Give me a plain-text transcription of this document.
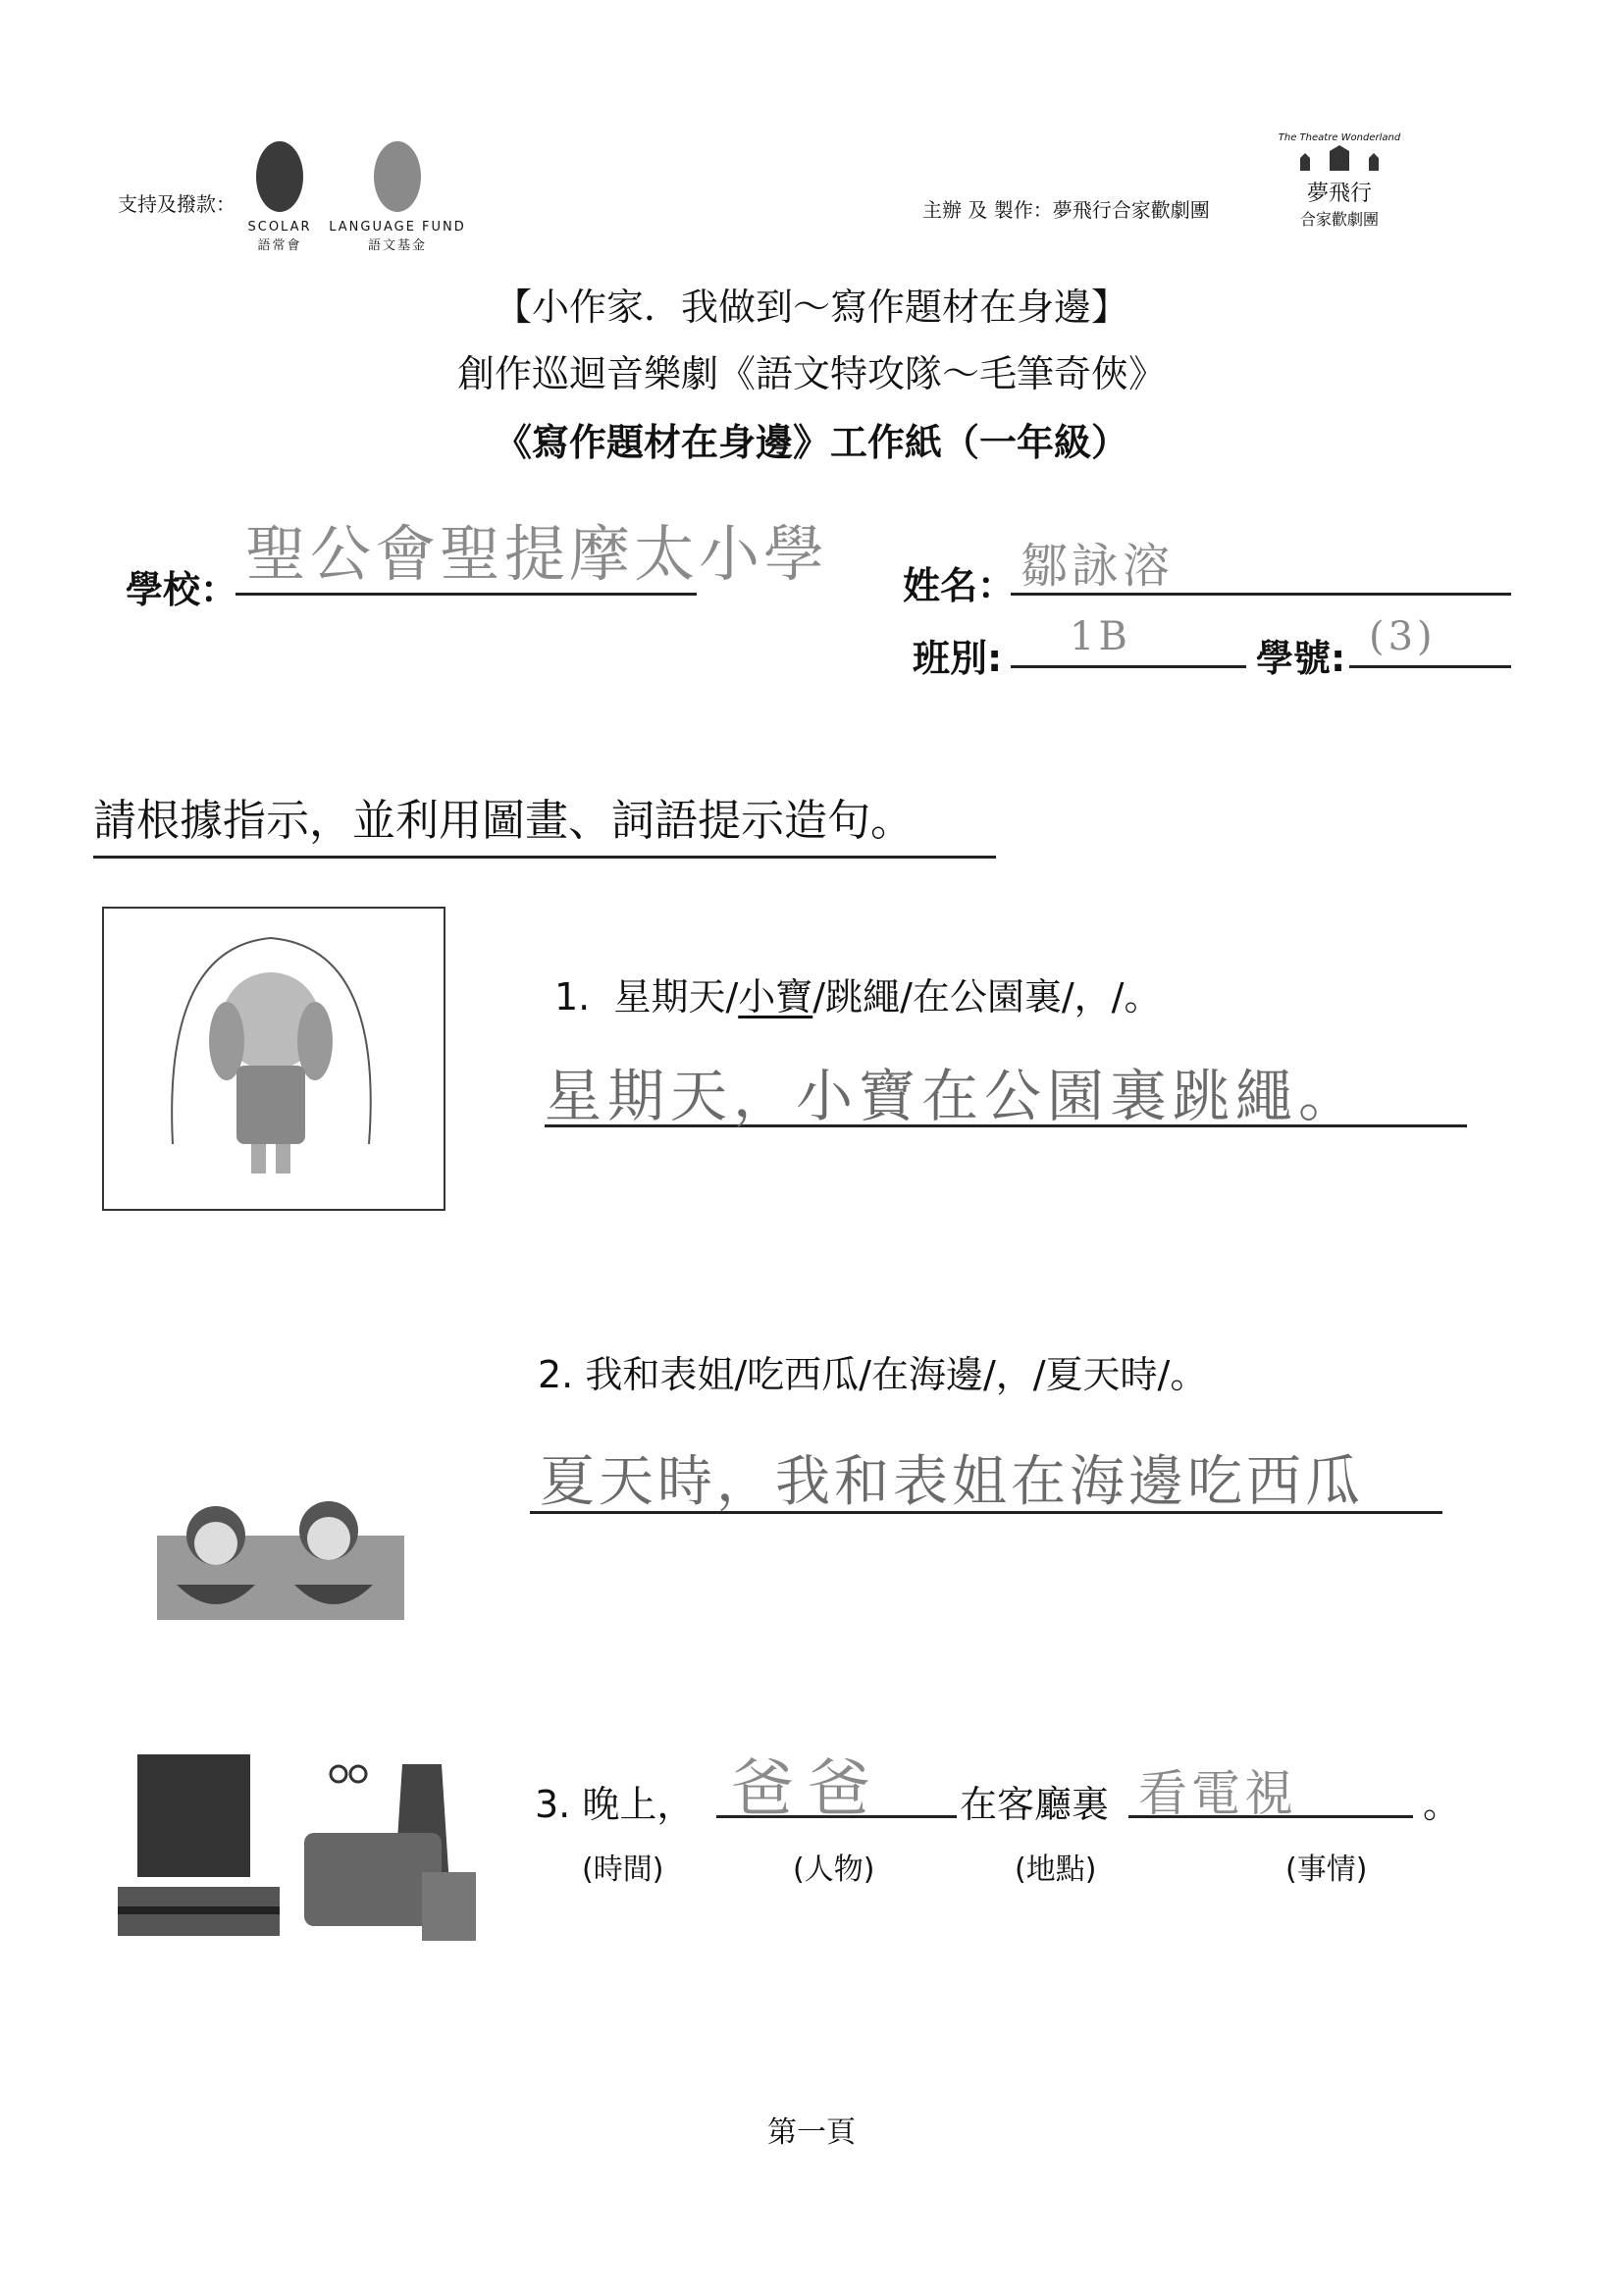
支持及撥款：
SCOLAR
語常會
LANGUAGE FUND
語文基金
主辦 及 製作：夢飛行合家歡劇團
The Theatre Wonderland
夢飛行
合家歡劇團
【小作家．我做到～寫作題材在身邊】
創作巡迴音樂劇《語文特攻隊～毛筆奇俠》
《寫作題材在身邊》工作紙（一年級）
學校： 聖公會聖提摩太小學 姓名： 鄒詠溶
班別: 1B	學號: (3)
請根據指示，並利用圖畫、詞語提示造句。
1. 星期天/小寶/跳繩/在公園裏/，/。
星期天，小寶在公園裏跳繩。
2. 我和表姐/吃西瓜/在海邊/，/夏天時/。
夏天時，我和表姐在海邊吃西瓜
3. 晚上， 爸爸 在客廳裏 看電視	。
(時間)	(人物)	(地點)	(事情)
第一頁
